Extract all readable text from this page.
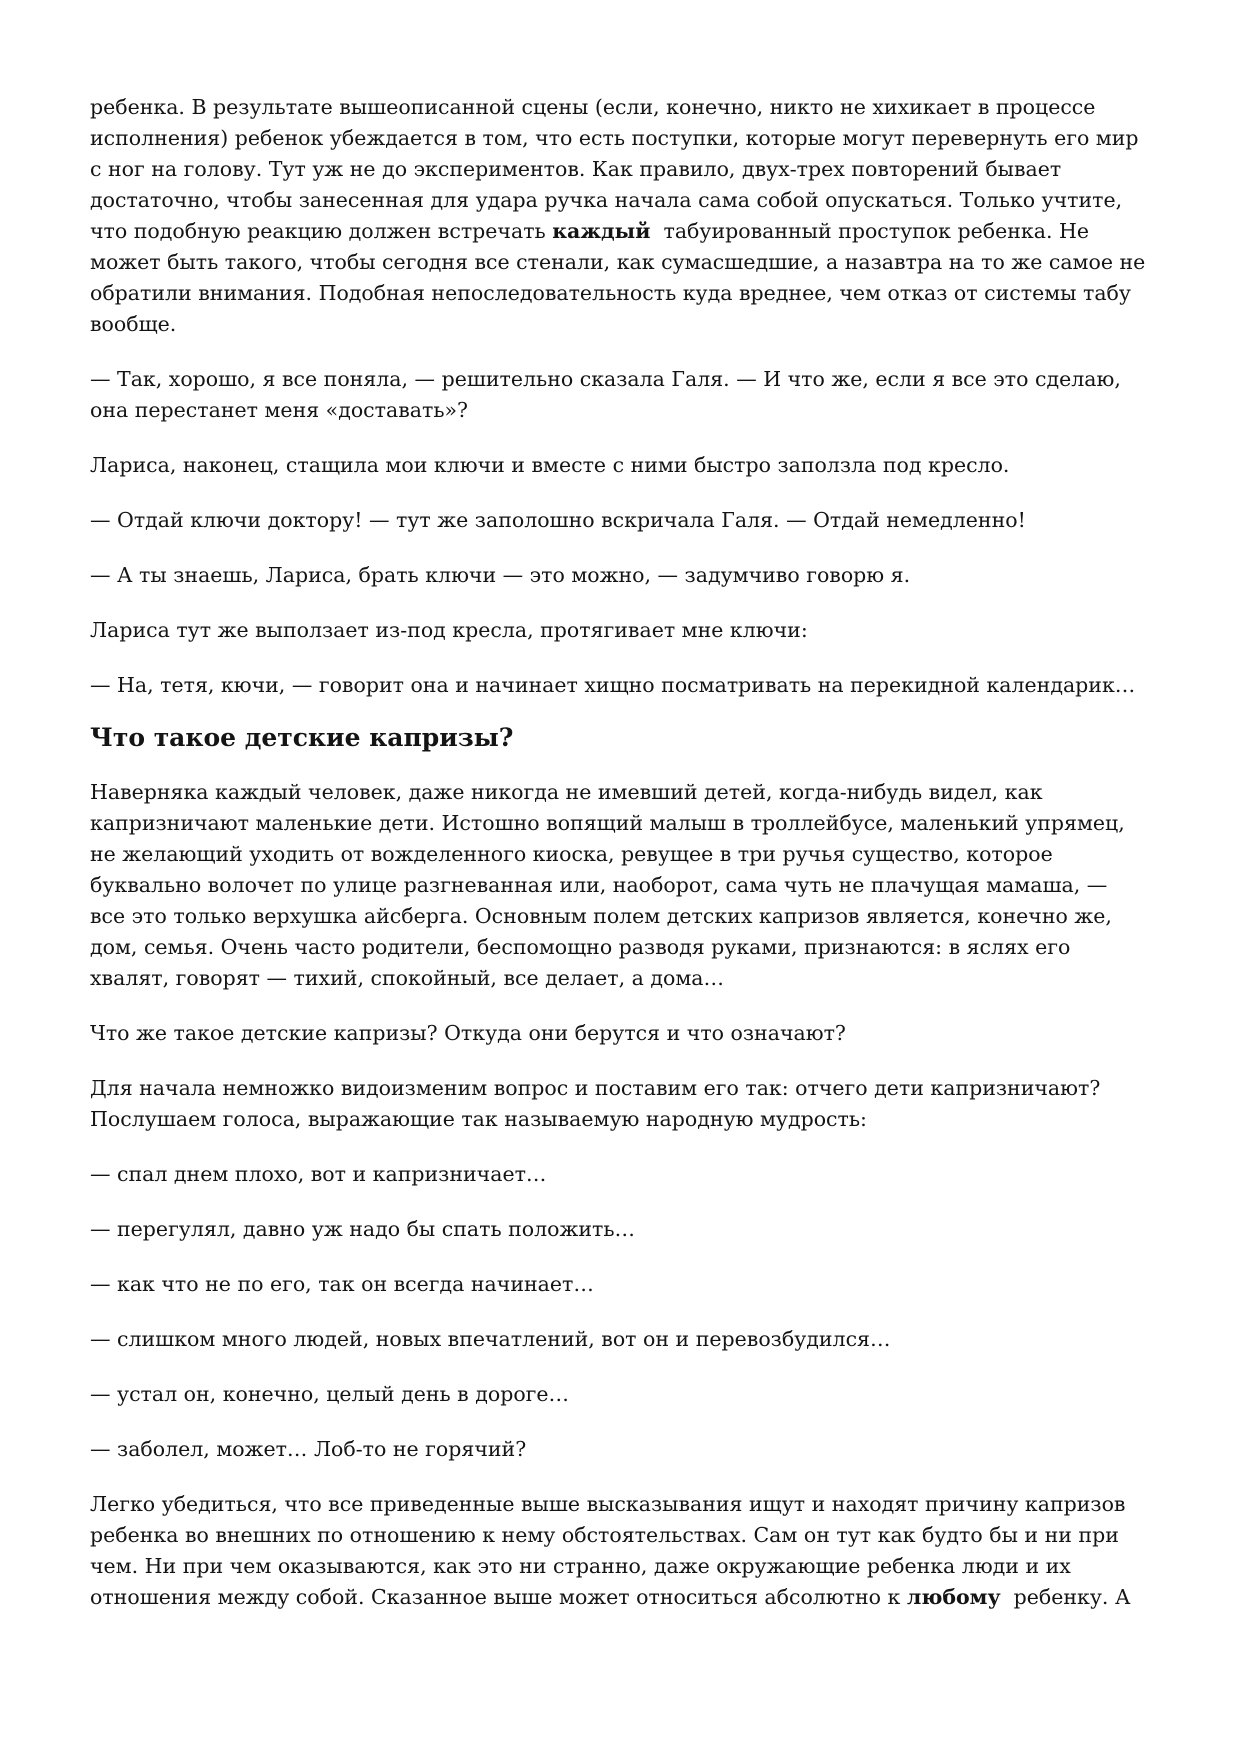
ребенка. В результате вышеописанной сцены (если, конечно, никто не хихикает в процессе
исполнения) ребенок убеждается в том, что есть поступки, которые могут перевернуть его мир
с ног на голову. Тут уж не до экспериментов. Как правило, двух-трех повторений бывает
достаточно, чтобы занесенная для удара ручка начала сама собой опускаться. Только учтите,
что подобную реакцию должен встречать каждый  табуированный проступок ребенка. Не
может быть такого, чтобы сегодня все стенали, как сумасшедшие, а назавтра на то же самое не
обратили внимания. Подобная непоследовательность куда вреднее, чем отказ от системы табу
вообще.
— Так, хорошо, я все поняла, — решительно сказала Галя. — И что же, если я все это сделаю,
она перестанет меня «доставать»?
Лариса, наконец, стащила мои ключи и вместе с ними быстро заползла под кресло.
— Отдай ключи доктору! — тут же заполошно вскричала Галя. — Отдай немедленно!
— А ты знаешь, Лариса, брать ключи — это можно, — задумчиво говорю я.
Лариса тут же выползает из-под кресла, протягивает мне ключи:
— На, тетя, кючи, — говорит она и начинает хищно посматривать на перекидной календарик…
Что такое детские капризы?
Наверняка каждый человек, даже никогда не имевший детей, когда-нибудь видел, как
капризничают маленькие дети. Истошно вопящий малыш в троллейбусе, маленький упрямец,
не желающий уходить от вожделенного киоска, ревущее в три ручья существо, которое
буквально волочет по улице разгневанная или, наоборот, сама чуть не плачущая мамаша, —
все это только верхушка айсберга. Основным полем детских капризов является, конечно же,
дом, семья. Очень часто родители, беспомощно разводя руками, признаются: в яслях его
хвалят, говорят — тихий, спокойный, все делает, а дома…
Что же такое детские капризы? Откуда они берутся и что означают?
Для начала немножко видоизменим вопрос и поставим его так: отчего дети капризничают?
Послушаем голоса, выражающие так называемую народную мудрость:
— спал днем плохо, вот и капризничает…
— перегулял, давно уж надо бы спать положить…
— как что не по его, так он всегда начинает…
— слишком много людей, новых впечатлений, вот он и перевозбудился…
— устал он, конечно, целый день в дороге…
— заболел, может… Лоб-то не горячий?
Легко убедиться, что все приведенные выше высказывания ищут и находят причину капризов
ребенка во внешних по отношению к нему обстоятельствах. Сам он тут как будто бы и ни при
чем. Ни при чем оказываются, как это ни странно, даже окружающие ребенка люди и их
отношения между собой. Сказанное выше может относиться абсолютно к любому  ребенку. А
